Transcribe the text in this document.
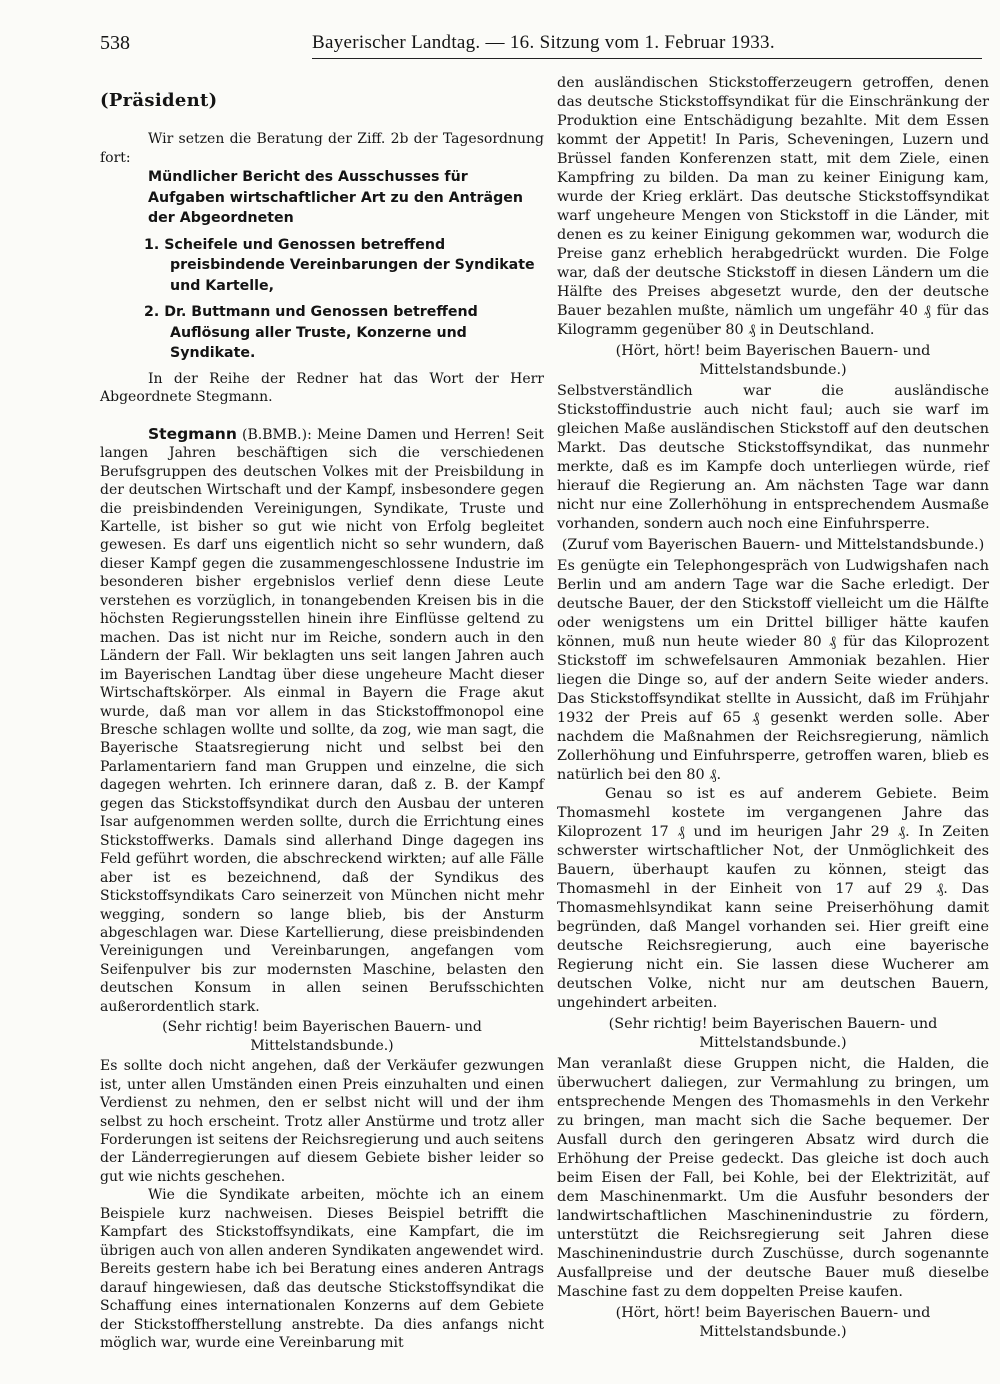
538	Bayerischer Landtag. — 16. Sitzung vom 1. Februar 1933.

(Präsident)

Wir setzen die Beratung der Ziff. 2b der Tagesordnung fort:

Mündlicher Bericht des Ausschusses für Aufgaben wirtschaftlicher Art zu den Anträgen der Abgeordneten

1. Scheifele und Genossen betreffend preisbindende Vereinbarungen der Syndikate und Kartelle,

2. Dr. Buttmann und Genossen betreffend Auflösung aller Truste, Konzerne und Syndikate.

In der Reihe der Redner hat das Wort der Herr Abgeordnete Stegmann.

Stegmann (B.BMB.): Meine Damen und Herren! Seit langen Jahren beschäftigen sich die verschiedenen Berufsgruppen des deutschen Volkes mit der Preisbildung in der deutschen Wirtschaft und der Kampf, insbesondere gegen die preisbindenden Vereinigungen, Syndikate, Truste und Kartelle, ist bisher so gut wie nicht von Erfolg begleitet gewesen. Es darf uns eigentlich nicht so sehr wundern, daß dieser Kampf gegen die zusammengeschlossene Industrie im besonderen bisher ergebnislos verlief denn diese Leute verstehen es vorzüglich, in tonangebenden Kreisen bis in die höchsten Regierungsstellen hinein ihre Einflüsse geltend zu machen. Das ist nicht nur im Reiche, sondern auch in den Ländern der Fall. Wir beklagten uns seit langen Jahren auch im Bayerischen Landtag über diese ungeheure Macht dieser Wirtschaftskörper. Als einmal in Bayern die Frage akut wurde, daß man vor allem in das Stickstoffmonopol eine Bresche schlagen wollte und sollte, da zog, wie man sagt, die Bayerische Staatsregierung nicht und selbst bei den Parlamentariern fand man Gruppen und einzelne, die sich dagegen wehrten. Ich erinnere daran, daß z. B. der Kampf gegen das Stickstoffsyndikat durch den Ausbau der unteren Isar aufgenommen werden sollte, durch die Errichtung eines Stickstoffwerks. Damals sind allerhand Dinge dagegen ins Feld geführt worden, die abschreckend wirkten; auf alle Fälle aber ist es bezeichnend, daß der Syndikus des Stickstoffsyndikats Caro seinerzeit von München nicht mehr wegging, sondern so lange blieb, bis der Ansturm abgeschlagen war. Diese Kartellierung, diese preisbindenden Vereinigungen und Vereinbarungen, angefangen vom Seifenpulver bis zur modernsten Maschine, belasten den deutschen Konsum in allen seinen Berufsschichten außerordentlich stark.

(Sehr richtig! beim Bayerischen Bauern- und Mittelstandsbunde.)

Es sollte doch nicht angehen, daß der Verkäufer gezwungen ist, unter allen Umständen einen Preis einzuhalten und einen Verdienst zu nehmen, den er selbst nicht will und der ihm selbst zu hoch erscheint. Trotz aller Anstürme und trotz aller Forderungen ist seitens der Reichsregierung und auch seitens der Länderregierungen auf diesem Gebiete bisher leider so gut wie nichts geschehen.

Wie die Syndikate arbeiten, möchte ich an einem Beispiele kurz nachweisen. Dieses Beispiel betrifft die Kampfart des Stickstoffsyndikats, eine Kampfart, die im übrigen auch von allen anderen Syndikaten angewendet wird. Bereits gestern habe ich bei Beratung eines anderen Antrags darauf hingewiesen, daß das deutsche Stickstoffsyndikat die Schaffung eines internationalen Konzerns auf dem Gebiete der Stickstoffherstellung anstrebte. Da dies anfangs nicht möglich war, wurde eine Vereinbarung mit

den ausländischen Stickstofferzeugern getroffen, denen das deutsche Stickstoffsyndikat für die Einschränkung der Produktion eine Entschädigung bezahlte. Mit dem Essen kommt der Appetit! In Paris, Scheveningen, Luzern und Brüssel fanden Konferenzen statt, mit dem Ziele, einen Kampfring zu bilden. Da man zu keiner Einigung kam, wurde der Krieg erklärt. Das deutsche Stickstoffsyndikat warf ungeheure Mengen von Stickstoff in die Länder, mit denen es zu keiner Einigung gekommen war, wodurch die Preise ganz erheblich herabgedrückt wurden. Die Folge war, daß der deutsche Stickstoff in diesen Ländern um die Hälfte des Preises abgesetzt wurde, den der deutsche Bauer bezahlen mußte, nämlich um ungefähr 40 ₰ für das Kilogramm gegenüber 80 ₰ in Deutschland.

(Hört, hört! beim Bayerischen Bauern- und Mittelstandsbunde.)

Selbstverständlich war die ausländische Stickstoffindustrie auch nicht faul; auch sie warf im gleichen Maße ausländischen Stickstoff auf den deutschen Markt. Das deutsche Stickstoffsyndikat, das nunmehr merkte, daß es im Kampfe doch unterliegen würde, rief hierauf die Regierung an. Am nächsten Tage war dann nicht nur eine Zollerhöhung in entsprechendem Ausmaße vorhanden, sondern auch noch eine Einfuhrsperre.

(Zuruf vom Bayerischen Bauern- und Mittelstandsbunde.)

Es genügte ein Telephongespräch von Ludwigshafen nach Berlin und am andern Tage war die Sache erledigt. Der deutsche Bauer, der den Stickstoff vielleicht um die Hälfte oder wenigstens um ein Drittel billiger hätte kaufen können, muß nun heute wieder 80 ₰ für das Kiloprozent Stickstoff im schwefelsauren Ammoniak bezahlen. Hier liegen die Dinge so, auf der andern Seite wieder anders. Das Stickstoffsyndikat stellte in Aussicht, daß im Frühjahr 1932 der Preis auf 65 ₰ gesenkt werden solle. Aber nachdem die Maßnahmen der Reichsregierung, nämlich Zollerhöhung und Einfuhrsperre, getroffen waren, blieb es natürlich bei den 80 ₰.

Genau so ist es auf anderem Gebiete. Beim Thomasmehl kostete im vergangenen Jahre das Kiloprozent 17 ₰ und im heurigen Jahr 29 ₰. In Zeiten schwerster wirtschaftlicher Not, der Unmöglichkeit des Bauern, überhaupt kaufen zu können, steigt das Thomasmehl in der Einheit von 17 auf 29 ₰. Das Thomasmehlsyndikat kann seine Preiserhöhung damit begründen, daß Mangel vorhanden sei. Hier greift eine deutsche Reichsregierung, auch eine bayerische Regierung nicht ein. Sie lassen diese Wucherer am deutschen Volke, nicht nur am deutschen Bauern, ungehindert arbeiten.

(Sehr richtig! beim Bayerischen Bauern- und Mittelstandsbunde.)

Man veranlaßt diese Gruppen nicht, die Halden, die überwuchert daliegen, zur Vermahlung zu bringen, um entsprechende Mengen des Thomasmehls in den Verkehr zu bringen, man macht sich die Sache bequemer. Der Ausfall durch den geringeren Absatz wird durch die Erhöhung der Preise gedeckt. Das gleiche ist doch auch beim Eisen der Fall, bei Kohle, bei der Elektrizität, auf dem Maschinenmarkt. Um die Ausfuhr besonders der landwirtschaftlichen Maschinenindustrie zu fördern, unterstützt die Reichsregierung seit Jahren diese Maschinenindustrie durch Zuschüsse, durch sogenannte Ausfallpreise und der deutsche Bauer muß dieselbe Maschine fast zu dem doppelten Preise kaufen.

(Hört, hört! beim Bayerischen Bauern- und Mittelstandsbunde.)
